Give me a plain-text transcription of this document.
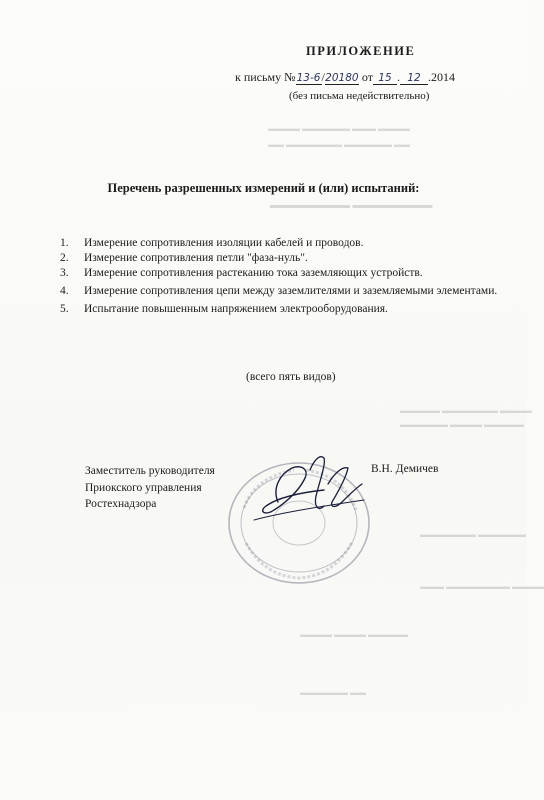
▬▬▬▬ ▬▬▬ ▬▬▬▬▬▬ ▬▬▬▬
▬▬ ▬▬▬▬▬▬ ▬▬▬▬▬▬▬ ▬▬
▬▬▬▬▬▬▬▬ ▬▬▬▬▬▬▬▬
▬▬▬▬ ▬▬▬▬▬▬▬ ▬▬▬▬▬
▬▬▬▬▬ ▬▬▬▬ ▬▬▬▬▬▬
▬▬▬▬▬▬ ▬▬▬▬▬▬▬
▬▬▬▬ ▬▬▬▬▬▬▬▬ ▬▬▬
▬▬▬▬▬ ▬▬▬▬ ▬▬▬▬
▬▬ ▬▬▬▬▬▬
ПРИЛОЖЕНИЕ
к письму №13-6/20180 от 15 . 12 .2014
(без письма недействительно)
Перечень разрешенных измерений и (или) испытаний:
1. Измерение сопротивления изоляции кабелей и проводов.
2. Измерение сопротивления петли "фаза-нуль".
3. Измерение сопротивления растеканию тока заземляющих устройств.
4. Измерение сопротивления цепи между заземлителями и заземляемыми элементами.
5. Испытание повышенным напряжением электрооборудования.
(всего пять видов)
Заместитель руководителя
Приокского управления
Ростехнадзора
В.Н. Демичев
